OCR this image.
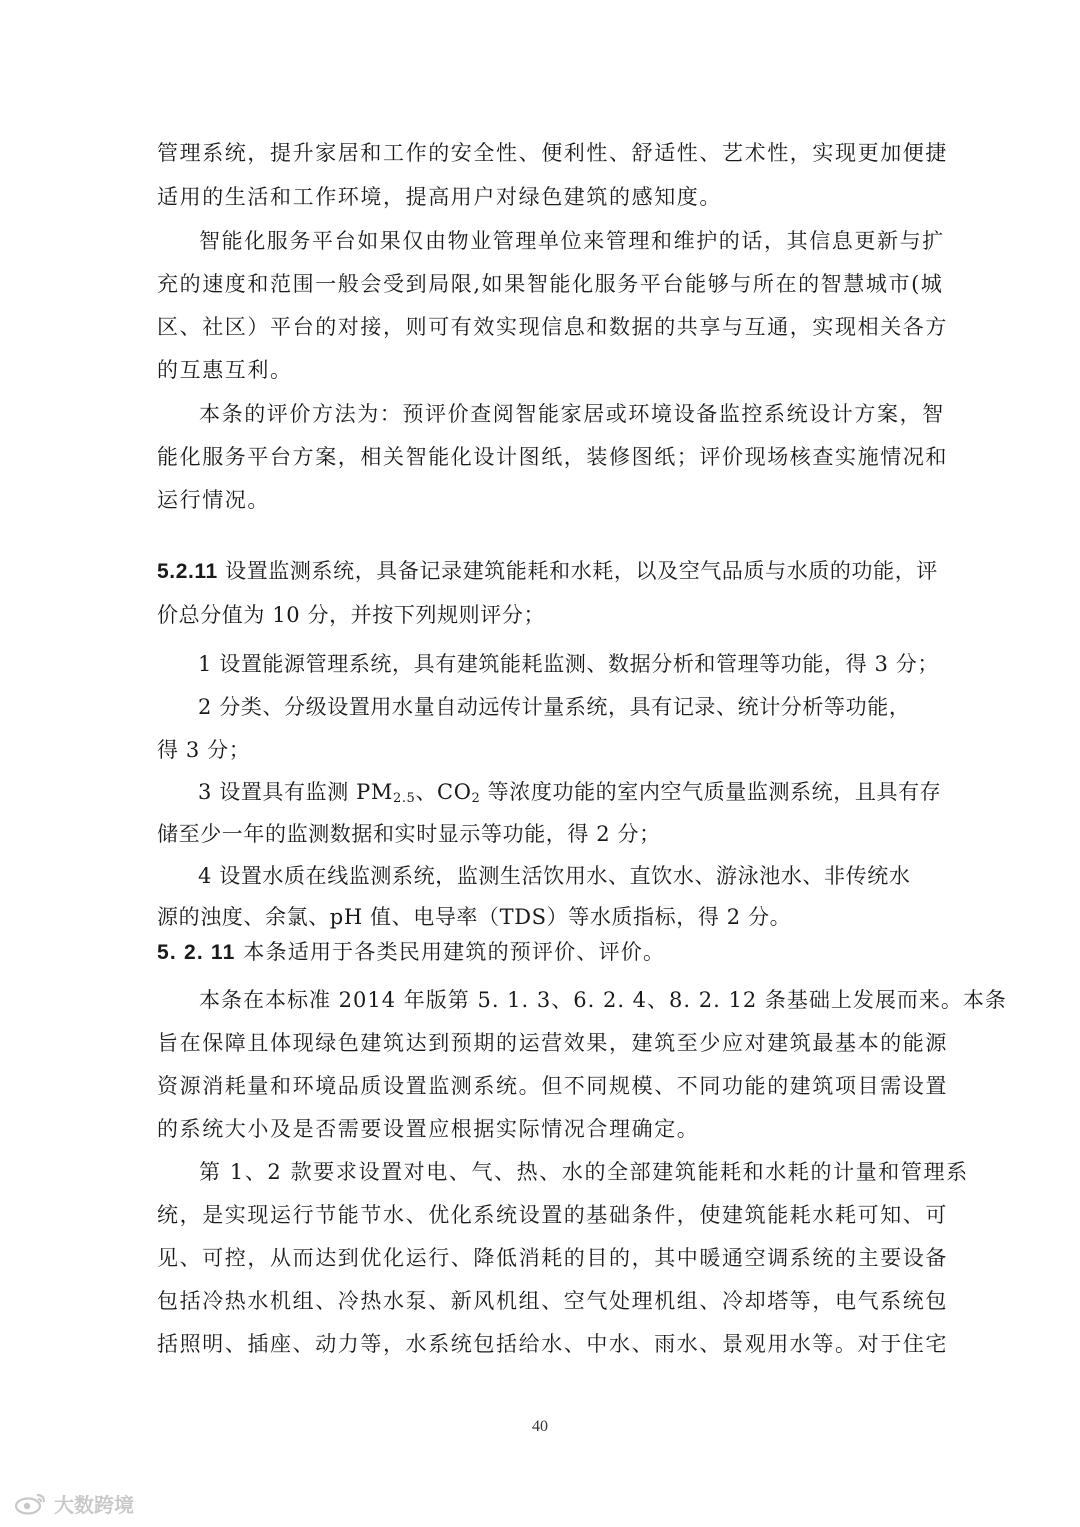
管理系统，提升家居和工作的安全性、便利性、舒适性、艺术性，实现更加便捷
适用的生活和工作环境，提高用户对绿色建筑的感知度。
智能化服务平台如果仅由物业管理单位来管理和维护的话，其信息更新与扩
充的速度和范围一般会受到局限,如果智能化服务平台能够与所在的智慧城市(城
区、社区）平台的对接，则可有效实现信息和数据的共享与互通，实现相关各方
的互惠互利。
本条的评价方法为：预评价查阅智能家居或环境设备监控系统设计方案，智
能化服务平台方案，相关智能化设计图纸，装修图纸；评价现场核查实施情况和
运行情况。
5.2.11 设置监测系统，具备记录建筑能耗和水耗，以及空气品质与水质的功能，评
价总分值为 10 分，并按下列规则评分；
1 设置能源管理系统，具有建筑能耗监测、数据分析和管理等功能，得 3 分；
2 分类、分级设置用水量自动远传计量系统，具有记录、统计分析等功能，
得 3 分；
3 设置具有监测 $PM_{2.5}$、$CO_2$ 等浓度功能的室内空气质量监测系统，且具有存
储至少一年的监测数据和实时显示等功能，得 2 分；
4 设置水质在线监测系统，监测生活饮用水、直饮水、游泳池水、非传统水
源的浊度、余氯、pH 值、电导率（TDS）等水质指标，得 2 分。
5. 2. 11 本条适用于各类民用建筑的预评价、评价。
本条在本标准 2014 年版第 5. 1. 3、6. 2. 4、8. 2. 12 条基础上发展而来。本条
旨在保障且体现绿色建筑达到预期的运营效果，建筑至少应对建筑最基本的能源
资源消耗量和环境品质设置监测系统。但不同规模、不同功能的建筑项目需设置
的系统大小及是否需要设置应根据实际情况合理确定。
第 1、2 款要求设置对电、气、热、水的全部建筑能耗和水耗的计量和管理系
统，是实现运行节能节水、优化系统设置的基础条件，使建筑能耗水耗可知、可
见、可控，从而达到优化运行、降低消耗的目的，其中暖通空调系统的主要设备
包括冷热水机组、冷热水泵、新风机组、空气处理机组、冷却塔等，电气系统包
括照明、插座、动力等，水系统包括给水、中水、雨水、景观用水等。对于住宅
40
大数跨境
